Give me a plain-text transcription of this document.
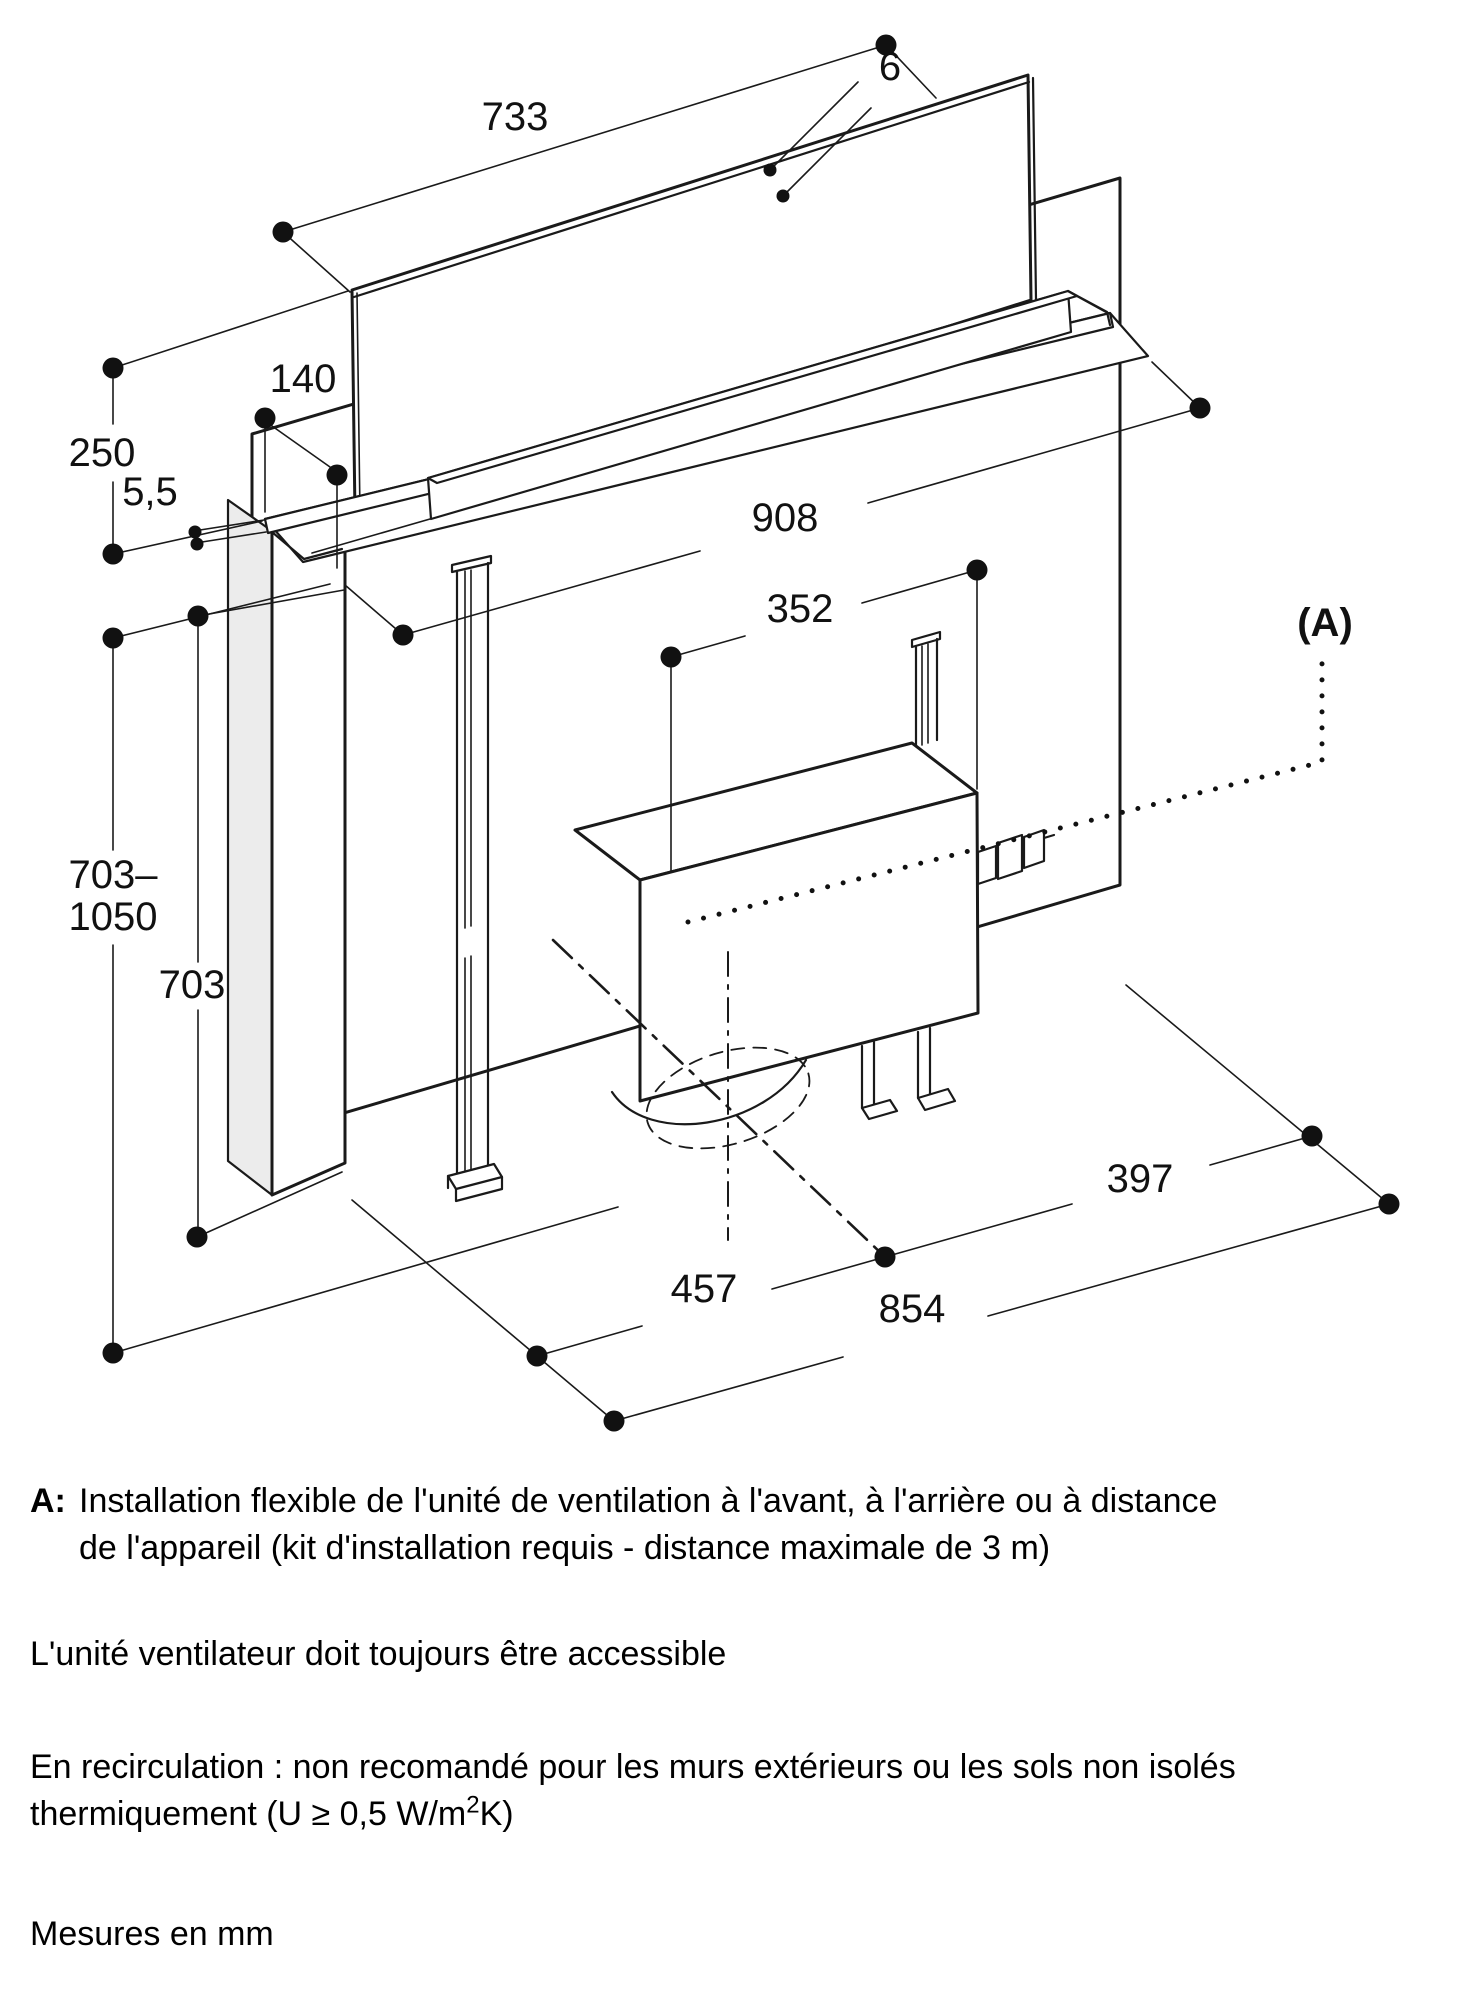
733
6
140
250
5,5
908
352	(A)
703–
1050
703
457
397
854
A: Installation flexible de l'unité de ventilation à l'avant, à l'arrière ou à distance
de l'appareil (kit d'installation requis - distance maximale de 3 m)
L'unité ventilateur doit toujours être accessible
En recirculation : non recomandé pour les murs extérieurs ou les sols non isolés
thermiquement (U ≥ 0,5 $W/m^2K$)
Mesures en mm
